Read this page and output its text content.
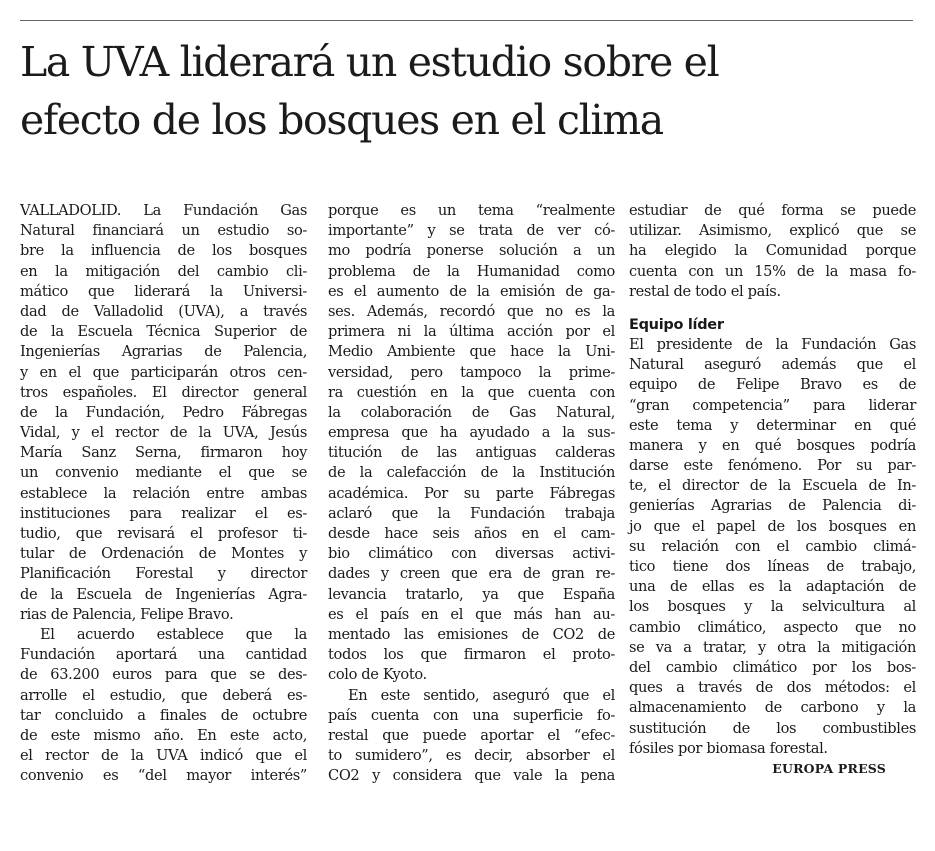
La UVA liderará un estudio sobre el
efecto de los bosques en el clima
VALLADOLID. La Fundación Gas
Natural financiará un estudio so-
bre la influencia de los bosques
en la mitigación del cambio cli-
mático que liderará la Universi-
dad de Valladolid (UVA), a través
de la Escuela Técnica Superior de
Ingenierías Agrarias de Palencia,
y en el que participarán otros cen-
tros españoles. El director general
de la Fundación, Pedro Fábregas
Vidal, y el rector de la UVA, Jesús
María Sanz Serna, firmaron hoy
un convenio mediante el que se
establece la relación entre ambas
instituciones para realizar el es-
tudio, que revisará el profesor ti-
tular de Ordenación de Montes y
Planificación Forestal y director
de la Escuela de Ingenierías Agra-
rias de Palencia, Felipe Bravo.
El acuerdo establece que la
Fundación aportará una cantidad
de 63.200 euros para que se des-
arrolle el estudio, que deberá es-
tar concluido a finales de octubre
de este mismo año. En este acto,
el rector de la UVA indicó que el
convenio es “del mayor interés”
porque es un tema “realmente
importante” y se trata de ver có-
mo podría ponerse solución a un
problema de la Humanidad como
es el aumento de la emisión de ga-
ses. Además, recordó que no es la
primera ni la última acción por el
Medio Ambiente que hace la Uni-
versidad, pero tampoco la prime-
ra cuestión en la que cuenta con
la colaboración de Gas Natural,
empresa que ha ayudado a la sus-
titución de las antiguas calderas
de la calefacción de la Institución
académica. Por su parte Fábregas
aclaró que la Fundación trabaja
desde hace seis años en el cam-
bio climático con diversas activi-
dades y creen que era de gran re-
levancia tratarlo, ya que España
es el país en el que más han au-
mentado las emisiones de CO2 de
todos los que firmaron el proto-
colo de Kyoto.
En este sentido, aseguró que el
país cuenta con una superficie fo-
restal que puede aportar el “efec-
to sumidero”, es decir, absorber el
CO2 y considera que vale la pena
estudiar de qué forma se puede
utilizar. Asimismo, explicó que se
ha elegido la Comunidad porque
cuenta con un 15% de la masa fo-
restal de todo el país.
Equipo líder
El presidente de la Fundación Gas
Natural aseguró además que el
equipo de Felipe Bravo es de
“gran competencia” para liderar
este tema y determinar en qué
manera y en qué bosques podría
darse este fenómeno. Por su par-
te, el director de la Escuela de In-
genierías Agrarias de Palencia di-
jo que el papel de los bosques en
su relación con el cambio climá-
tico tiene dos líneas de trabajo,
una de ellas es la adaptación de
los bosques y la selvicultura al
cambio climático, aspecto que no
se va a tratar, y otra la mitigación
del cambio climático por los bos-
ques a través de dos métodos: el
almacenamiento de carbono y la
sustitución de los combustibles
fósiles por biomasa forestal.
EUROPA PRESS
